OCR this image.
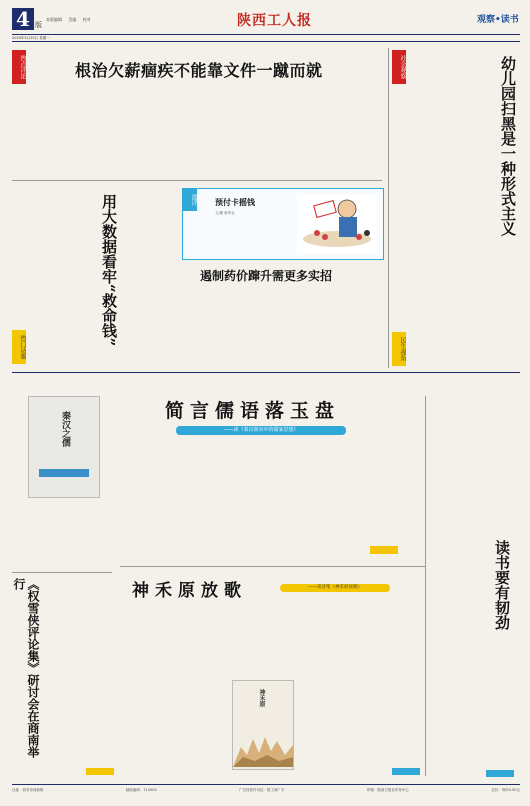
4 版
本版编辑 美编 校对	陕西工人报	观察•读书
2019年5月20日 星期一
热点评论	根治欠薪痼疾不能靠文件一蹴而就
用大数据看牢“救命钱”
热门话题
漫评 预付卡摇钱
文/图 新华社
遏制药价蹿升需更多实招
社会观察	幼儿园扫黑是一种形式主义
民生视角
秦汉之儒	简言儒语落玉盘
——读《秦汉简帛中的儒家思想》
《权雪侠评论集》研讨会在商南举行	神禾原放歌	——读诗集《神禾原放歌》
神禾原
读书要有韧劲
社址：西安市西新街	邮政编码：710004	广告经营许可证：陕工商广字	印刷：陕西日报社印务中心	定价：每份0.50元
